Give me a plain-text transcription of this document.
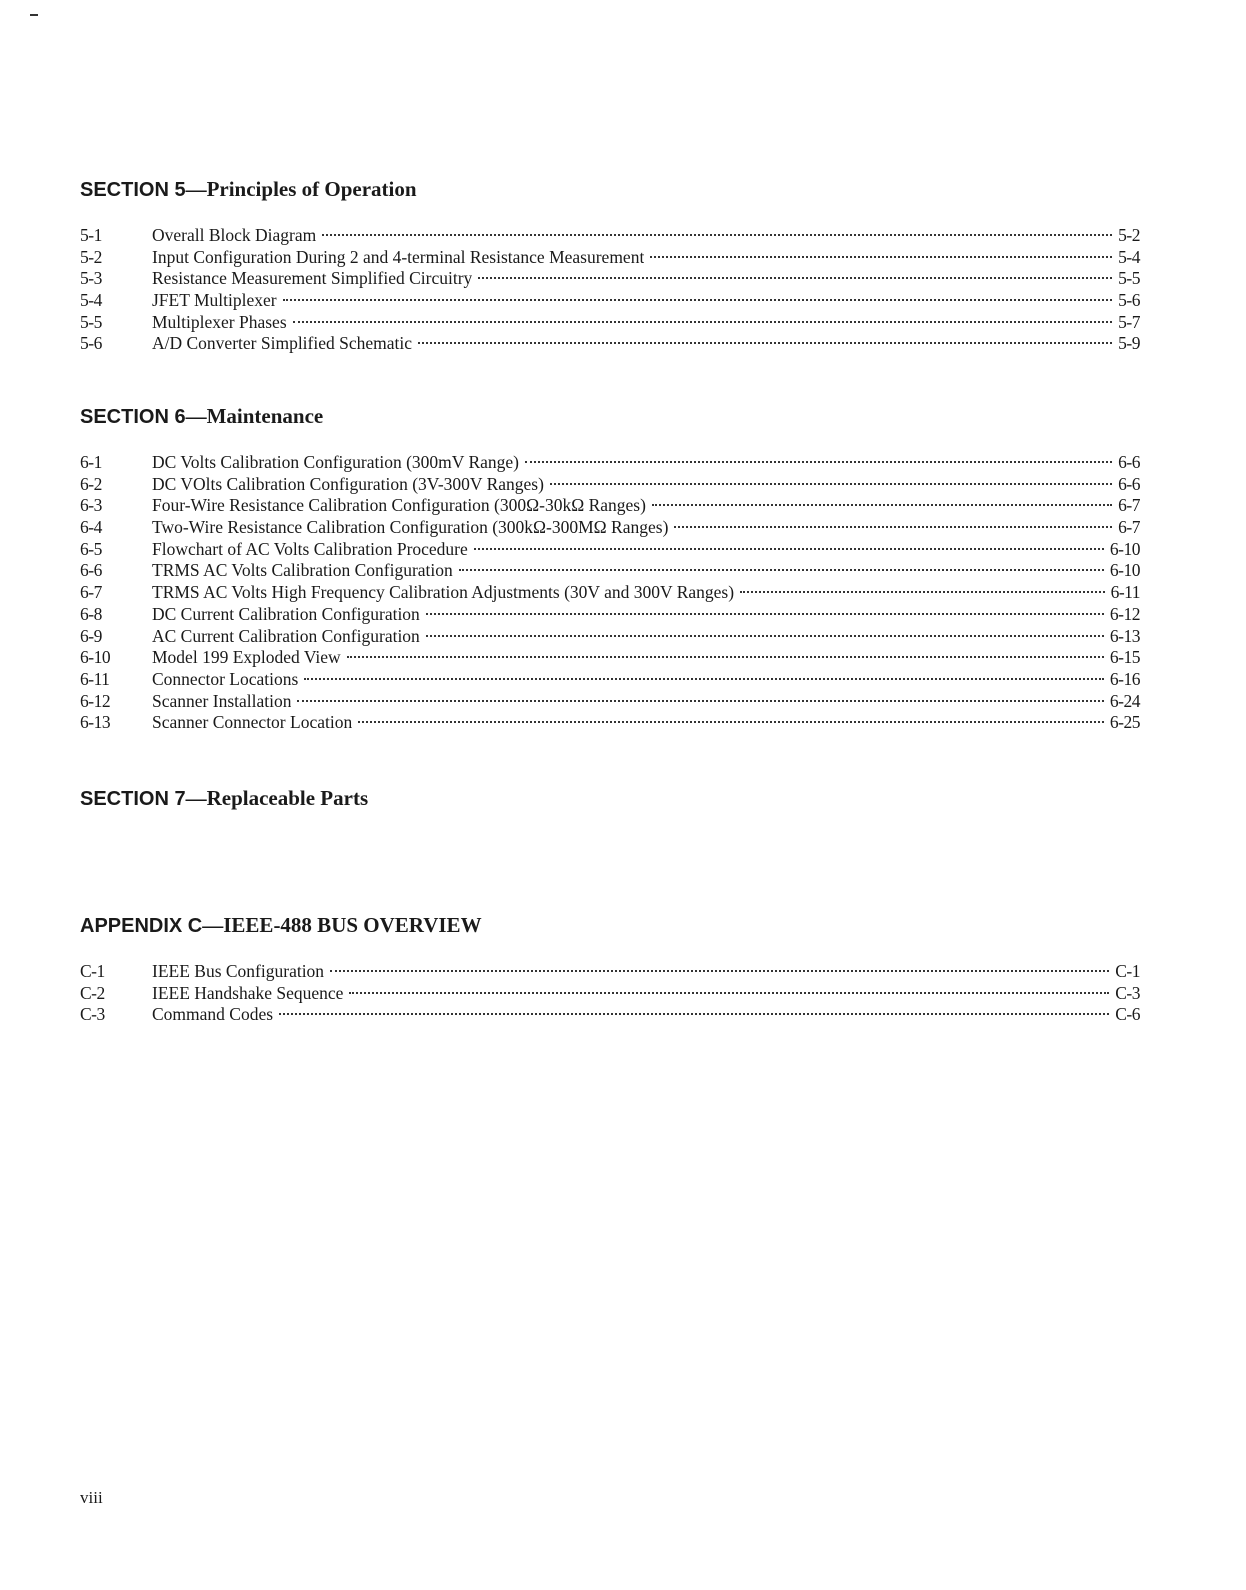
SECTION 5—Principles of Operation
5-1	Overall Block Diagram	5-2
5-2	Input Configuration During 2 and 4-terminal Resistance Measurement	5-4
5-3	Resistance Measurement Simplified Circuitry	5-5
5-4	JFET Multiplexer	5-6
5-5	Multiplexer Phases	5-7
5-6	A/D Converter Simplified Schematic	5-9
SECTION 6—Maintenance
6-1	DC Volts Calibration Configuration (300mV Range)	6-6
6-2	DC VOlts Calibration Configuration (3V-300V Ranges)	6-6
6-3	Four-Wire Resistance Calibration Configuration (300Ω-30kΩ Ranges)	6-7
6-4	Two-Wire Resistance Calibration Configuration (300kΩ-300MΩ Ranges)	6-7
6-5	Flowchart of AC Volts Calibration Procedure	6-10
6-6	TRMS AC Volts Calibration Configuration	6-10
6-7	TRMS AC Volts High Frequency Calibration Adjustments (30V and 300V Ranges)	6-11
6-8	DC Current Calibration Configuration	6-12
6-9	AC Current Calibration Configuration	6-13
6-10	Model 199 Exploded View	6-15
6-11	Connector Locations	6-16
6-12	Scanner Installation	6-24
6-13	Scanner Connector Location	6-25
SECTION 7—Replaceable Parts
APPENDIX C—IEEE-488 BUS OVERVIEW
C-1	IEEE Bus Configuration	C-1
C-2	IEEE Handshake Sequence	C-3
C-3	Command Codes	C-6
viii
